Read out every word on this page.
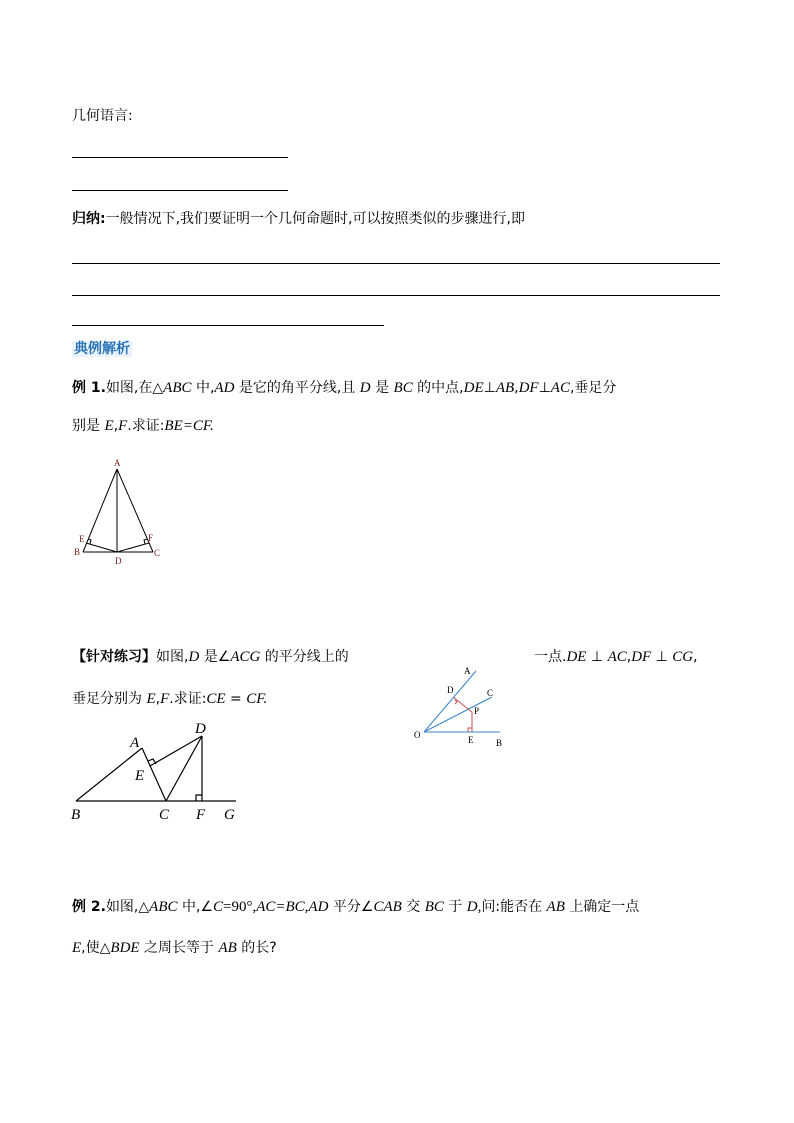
几何语言:
归纳:一般情况下,我们要证明一个几何命题时,可以按照类似的步骤进行,即
典例解析
例 1.如图,在△ABC 中,AD 是它的角平分线,且 D 是 BC 的中点,DE⊥AB,DF⊥AC,垂足分
别是 E,F.求证:BE=CF.
A
B	C
D
E	F
【针对练习】如图,D 是∠ACG 的平分线上的	一点.DE ⊥ AC,DF ⊥ CG,
垂足分别为 E,F.求证:CE = CF.
A
B	C
D
E
F G
A
B
C
D
E
O
P
例 2.如图,△ABC 中,∠C=90°,AC=BC,AD 平分∠CAB 交 BC 于 D,问:能否在 AB 上确定一点
E,使△BDE 之周长等于 AB 的长?
